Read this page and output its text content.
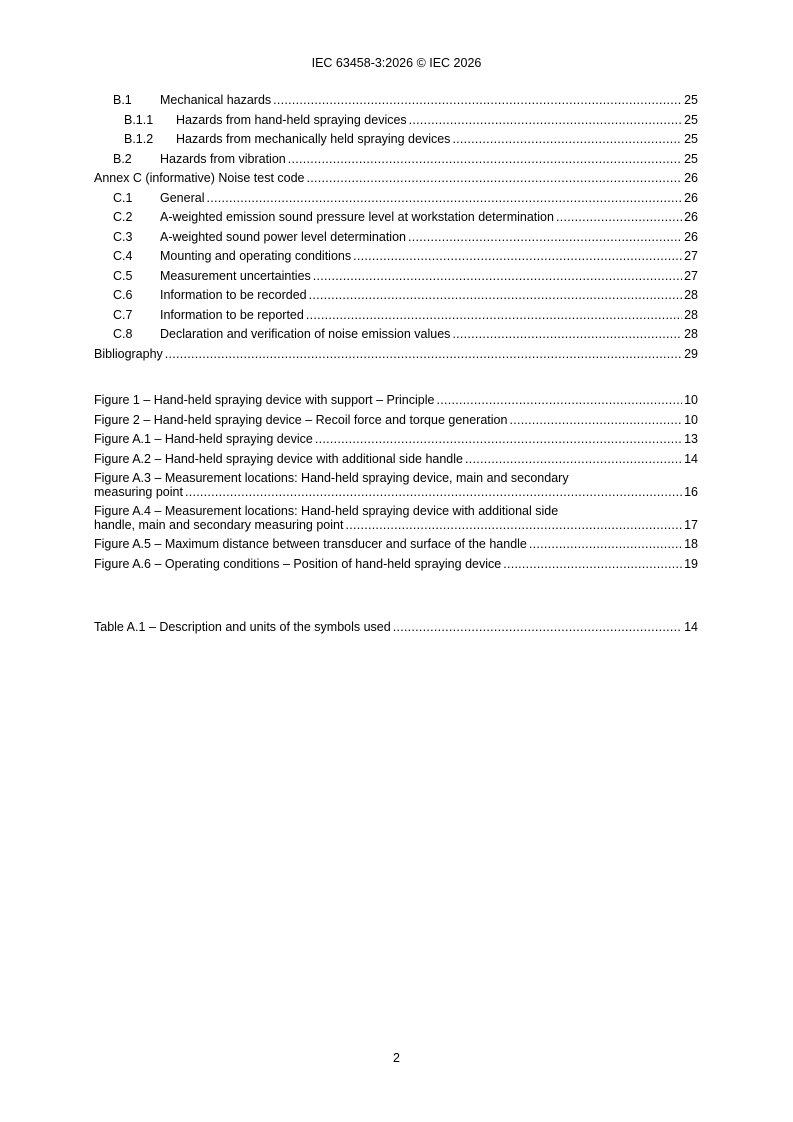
IEC 63458-3:2026 © IEC 2026
B.1	Mechanical hazards . . .	25
B.1.1	Hazards from hand-held spraying devices . . .	25
B.1.2	Hazards from mechanically held spraying devices . . .	25
B.2	Hazards from vibration . . .	25
Annex C (informative) Noise test code . . .	26
C.1	General . . .	26
C.2	A-weighted emission sound pressure level at workstation determination . . .	26
C.3	A-weighted sound power level determination . . .	26
C.4	Mounting and operating conditions . . .	27
C.5	Measurement uncertainties . . .	27
C.6	Information to be recorded . . .	28
C.7	Information to be reported . . .	28
C.8	Declaration and verification of noise emission values . . .	28
Bibliography . . .	29
Figure 1 – Hand-held spraying device with support – Principle . . .	10
Figure 2 – Hand-held spraying device – Recoil force and torque generation . . .	10
Figure A.1 – Hand-held spraying device . . .	13
Figure A.2 – Hand-held spraying device with additional side handle . . .	14
Figure A.3 – Measurement locations: Hand-held spraying device, main and secondary
measuring point . . .	16
Figure A.4 – Measurement locations: Hand-held spraying device with additional side
handle, main and secondary measuring point . . .	17
Figure A.5 – Maximum distance between transducer and surface of the handle . . .	18
Figure A.6 – Operating conditions – Position of hand-held spraying device . . .	19
Table A.1 – Description and units of the symbols used . . .	14
2
